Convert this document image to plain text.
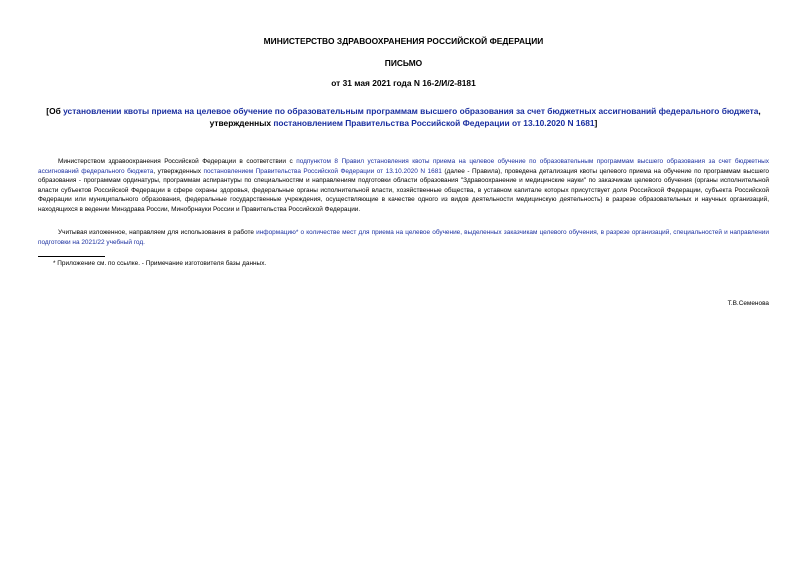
МИНИСТЕРСТВО ЗДРАВООХРАНЕНИЯ РОССИЙСКОЙ ФЕДЕРАЦИИ
ПИСЬМО
от 31 мая 2021 года N 16-2/И/2-8181
[Об установлении квоты приема на целевое обучение по образовательным программам высшего образования за счет бюджетных ассигнований федерального бюджета, утвержденных постановлением Правительства Российской Федерации от 13.10.2020 N 1681]

Министерством здравоохранения Российской Федерации в соответствии с подпунктом 8 Правил установления квоты приема на целевое обучение по образовательным программам высшего образования за счет бюджетных ассигнований федерального бюджета, утвержденных постановлением Правительства Российской Федерации от 13.10.2020 N 1681 (далее - Правила), проведена детализация квоты целевого приема на обучение по программам высшего образования - программам ординатуры, программам аспирантуры по специальностям и направлениям подготовки области образования "Здравоохранение и медицинские науки" по заказчикам целевого обучения (органы исполнительной власти субъектов Российской Федерации в сфере охраны здоровья, федеральные органы исполнительной власти, хозяйственные общества, в уставном капитале которых присутствует доля Российской Федерации, субъекта Российской Федерации или муниципального образования, федеральные государственные учреждения, осуществляющие в качестве одного из видов деятельности медицинскую деятельность) в разрезе образовательных и научных организаций, находящихся в ведении Минздрава России, Минобрнауки России и Правительства Российской Федерации.

Учитывая изложенное, направляем для использования в работе информацию* о количестве мест для приема на целевое обучение, выделенных заказчикам целевого обучения, в разрезе организаций, специальностей и направлении подготовки на 2021/22 учебный год.

* Приложение см. по ссылке. - Примечание изготовителя базы данных.
Т.В.Семенова
